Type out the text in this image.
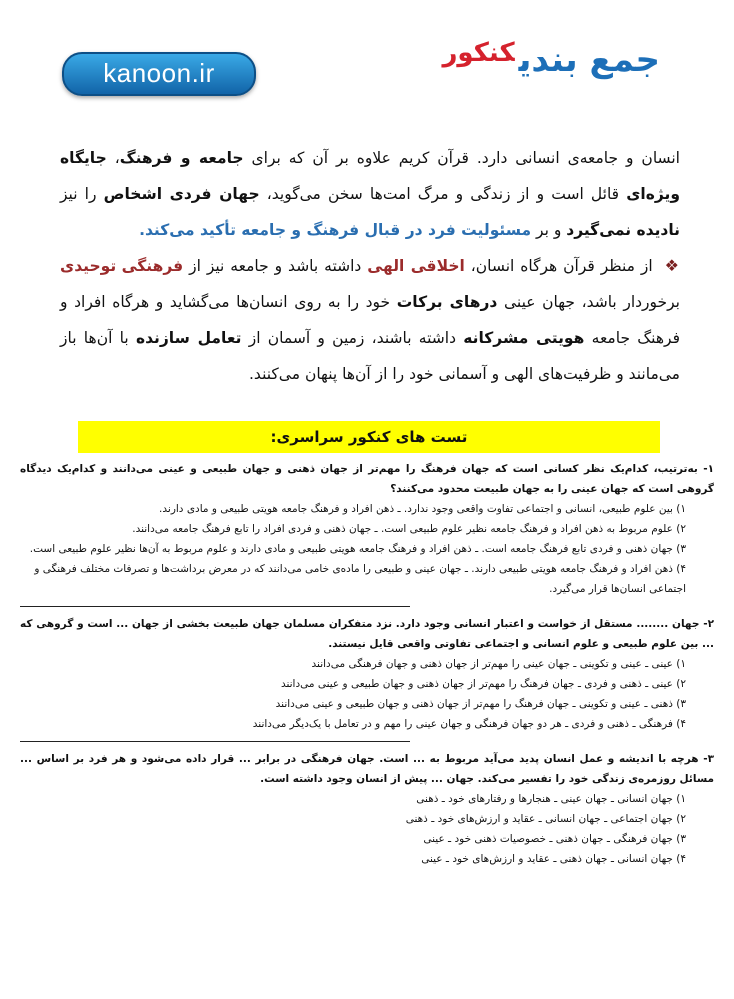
kanoon.ir	جمع بندیکنکور

انسان و جامعه‌ی انسانی دارد. قرآن کریم علاوه بر آن که برای جامعه و فرهنگ، جایگاه ویژه‌ای قائل است و از زندگی و مرگ امت‌ها سخن می‌گوید، جهان فردی اشخاص را نیز نادیده نمی‌گیرد و بر مسئولیت فرد در قبال فرهنگ و جامعه تأکید می‌کند.

❖ از منظر قرآن هرگاه انسان، اخلاقی الهی داشته باشد و جامعه نیز از فرهنگی توحیدی برخوردار باشد، جهان عینی درهای برکات خود را به روی انسان‌ها می‌گشاید و هرگاه افراد و فرهنگ جامعه هویتی مشرکانه داشته باشند، زمین و آسمان از تعامل سازنده با آن‌ها باز می‌مانند و ظرفیت‌های الهی و آسمانی خود را از آن‌ها پنهان می‌کنند.

تست های کنکور سراسری:

۱- به‌ترتیب، کدام‌یک نظر کسانی است که جهان فرهنگ را مهم‌تر از جهان ذهنی و جهان طبیعی و عینی می‌دانند و کدام‌یک دیدگاه گروهی است که جهان عینی را به جهان طبیعت محدود می‌کنند؟

۱) بین علوم طبیعی، انسانی و اجتماعی تفاوت واقعی وجود ندارد. ـ ذهن افراد و فرهنگ جامعه هویتی طبیعی و مادی دارند.

۲) علوم مربوط به ذهن افراد و فرهنگ جامعه نظیر علوم طبیعی است. ـ جهان ذهنی و فردی افراد را تابع فرهنگ جامعه می‌دانند.

۳) جهان ذهنی و فردی تابع فرهنگ جامعه است. ـ ذهن افراد و فرهنگ جامعه هویتی طبیعی و مادی دارند و علوم مربوط به آن‌ها نظیر علوم طبیعی است.

۴) ذهن افراد و فرهنگ جامعه هویتی طبیعی دارند. ـ جهان عینی و طبیعی را ماده‌ی خامی می‌دانند که در معرض برداشت‌ها و تصرفات مختلف فرهنگی و اجتماعی انسان‌ها قرار می‌گیرد.

۲- جهان ........ مستقل از خواست و اعتبار انسانی وجود دارد. نزد متفکران مسلمان جهان طبیعت بخشی از جهان ... است و گروهی که ... بین علوم طبیعی و علوم انسانی و اجتماعی تفاوتی واقعی قایل نیستند.

۱) عینی ـ عینی و تکوینی ـ جهان عینی را مهم‌تر از جهان ذهنی و جهان فرهنگی می‌دانند

۲) عینی ـ ذهنی و فردی ـ جهان فرهنگ را مهم‌تر از جهان ذهنی و جهان طبیعی و عینی می‌دانند

۳) ذهنی ـ عینی و تکوینی ـ جهان فرهنگ را مهم‌تر از جهان ذهنی و جهان طبیعی و عینی می‌دانند

۴) فرهنگی ـ ذهنی و فردی ـ هر دو جهان فرهنگی و جهان عینی را مهم و در تعامل با یک‌دیگر می‌دانند

۳- هرچه با اندیشه و عمل انسان پدید می‌آید مربوط به ... است. جهان فرهنگی در برابر ... قرار داده می‌شود و هر فرد بر اساس ... مسائل روزمره‌ی زندگی خود را تفسیر می‌کند. جهان ... پیش از انسان وجود داشته است.

۱) جهان انسانی ـ جهان عینی ـ هنجارها و رفتارهای خود ـ ذهنی

۲) جهان اجتماعی ـ جهان انسانی ـ عقاید و ارزش‌های خود ـ ذهنی

۳) جهان فرهنگی ـ جهان ذهنی ـ خصوصیات ذهنی خود ـ عینی

۴) جهان انسانی ـ جهان ذهنی ـ عقاید و ارزش‌های خود ـ عینی
